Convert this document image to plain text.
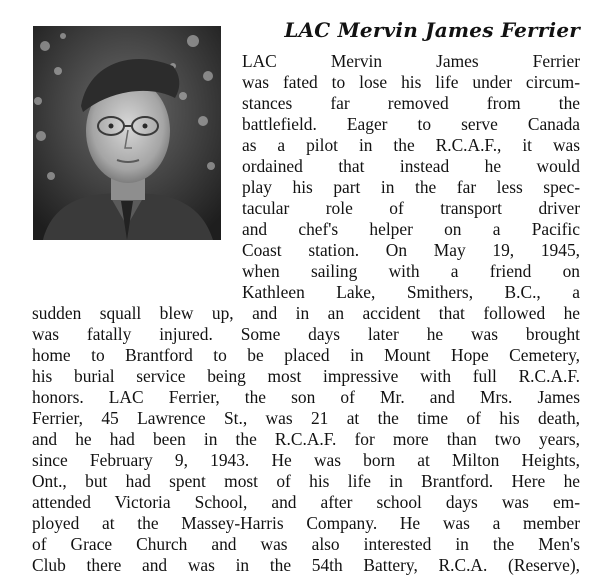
LAC Mervin James Ferrier
LAC Mervin James Ferrier
was fated to lose his life under circum-
stances far removed from the
battlefield. Eager to serve Canada
as a pilot in the R.C.A.F., it was
ordained that instead he would
play his part in the far less spec-
tacular role of transport driver
and chef's helper on a Pacific
Coast station. On May 19, 1945,
when sailing with a friend on
Kathleen Lake, Smithers, B.C., a
sudden squall blew up, and in an accident that followed he
was fatally injured. Some days later he was brought
home to Brantford to be placed in Mount Hope Cemetery,
his burial service being most impressive with full R.C.A.F.
honors. LAC Ferrier, the son of Mr. and Mrs. James
Ferrier, 45 Lawrence St., was 21 at the time of his death,
and he had been in the R.C.A.F. for more than two years,
since February 9, 1943. He was born at Milton Heights,
Ont., but had spent most of his life in Brantford. Here he
attended Victoria School, and after school days was em-
ployed at the Massey-Harris Company. He was a member
of Grace Church and was also interested in the Men's
Club there and was in the 54th Battery, R.C.A. (Reserve),
